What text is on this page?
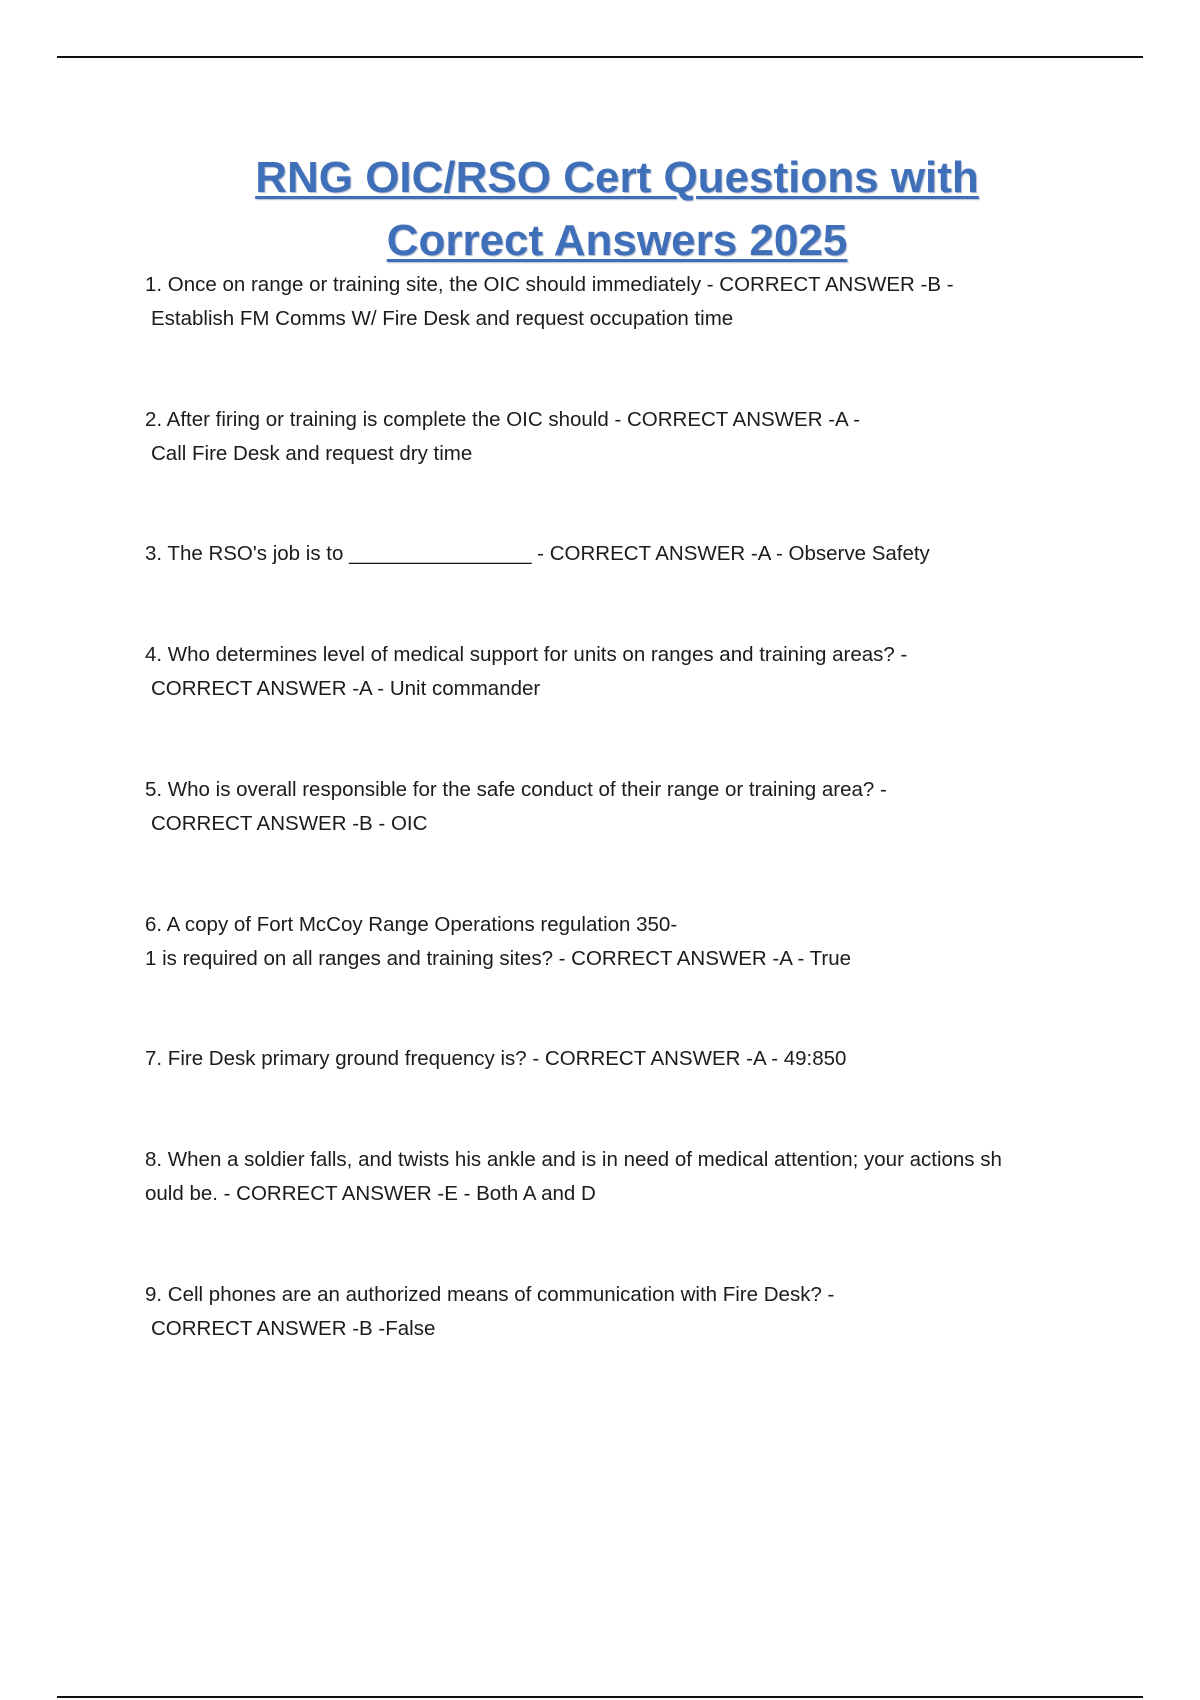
RNG OIC/RSO Cert Questions with
Correct Answers 2025
1. Once on range or training site, the OIC should immediately - CORRECT ANSWER -B -
Establish FM Comms W/ Fire Desk and request occupation time
2. After firing or training is complete the OIC should - CORRECT ANSWER -A -
Call Fire Desk and request dry time
3. The RSO's job is to ________________ - CORRECT ANSWER -A - Observe Safety
4. Who determines level of medical support for units on ranges and training areas? -
CORRECT ANSWER -A - Unit commander
5. Who is overall responsible for the safe conduct of their range or training area? -
CORRECT ANSWER -B - OIC
6. A copy of Fort McCoy Range Operations regulation 350-
1 is required on all ranges and training sites? - CORRECT ANSWER -A - True
7. Fire Desk primary ground frequency is? - CORRECT ANSWER -A - 49:850
8. When a soldier falls, and twists his ankle and is in need of medical attention; your actions sh
ould be. - CORRECT ANSWER -E - Both A and D
9. Cell phones are an authorized means of communication with Fire Desk? -
CORRECT ANSWER -B -False
